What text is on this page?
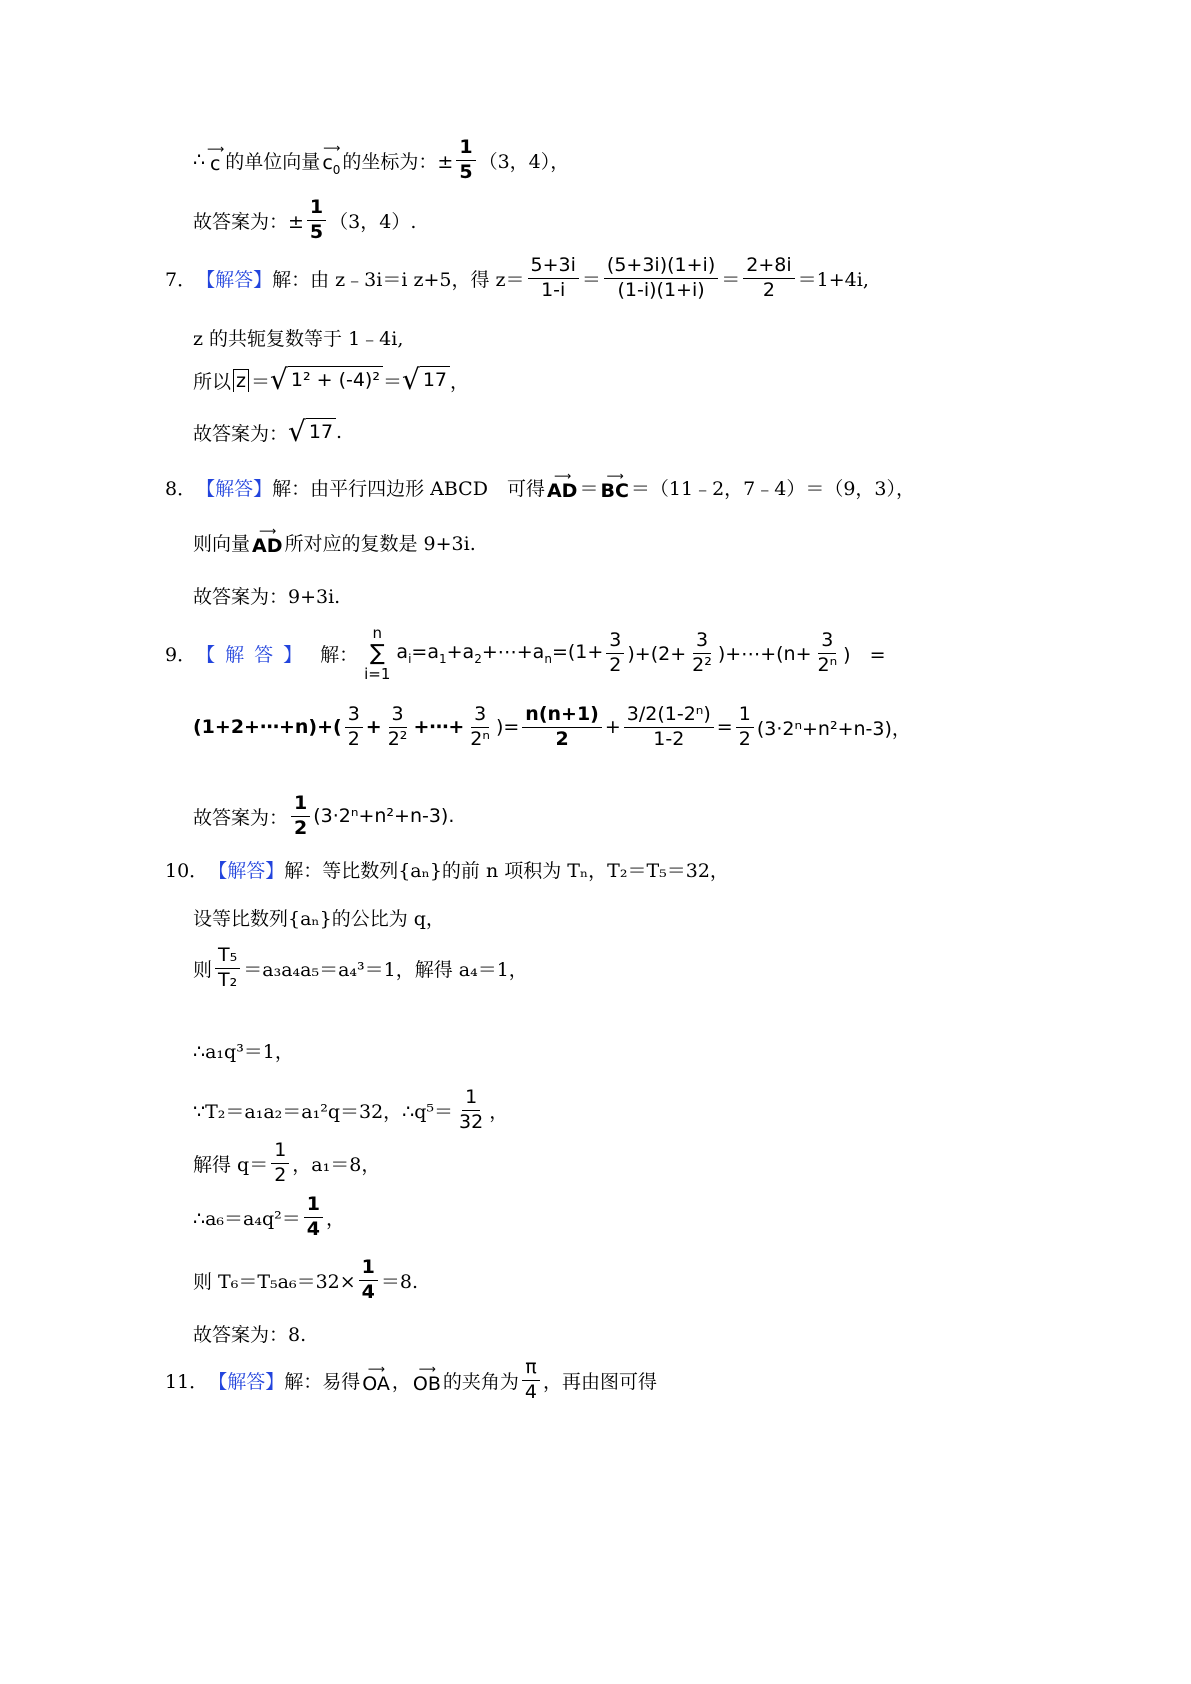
∴ ⟶
c 的单位向量
⟶
$c_0$ 的坐标为：± $\frac{1}{5} (3$，4），
故答案为：± $\frac{1}{5} (3$，4）.
7． 【解答】 解：由 z﹣3i＝i z+5，得 $z= \frac{5+3i}{1-i} = \frac{(5+3i)(1+i)}{(1-i)(1+i)} = \frac{2+8i}{2} =1+4i$,
z 的共轭复数等于 1﹣4i,
所以 z ＝ √ 1² + (-4)² ＝ √ 17 ，
故答案为： √ 17 .
8． 【解答】 解：由平行四边形 ABCD　可得
⟶
AD ＝
⟶
BC ＝（11﹣2，7﹣4）＝（9，3），
则向量
⟶
AD 所对应的复数是 9+3i.
故答案为：9+3i.
9． 【解答】 解：
n
∑
i=1
$a_i=a_1+a_2+\cdots+a_n=(1+ \frac{3}{2} )+(2+ \frac{3}{\text{2²}}$ )+⋯+(n+ $\frac{3}{\text{2ⁿ}}$ )　=
(1+2+⋯+n)+( $\frac{3}{2} + \frac{3}{\text{2²}}$ +⋯+ $\frac{3}{\text{2ⁿ}}$ )= $\frac{n(n+1)}{2} + \frac{\text{3/2(1-2ⁿ)}}{1-2} = \frac{1}{2} (3\cdot 2^n+n^2+n-3)$，
故答案为： $\frac{1}{2} (3\cdot 2^n+n^2+n-3)$.
10． 【解答】 解：等比数列{aₙ}的前 n 项积为 Tₙ，T₂＝T₅＝32，
设等比数列{aₙ}的公比为 q，
则 $\frac{\text{T₅}}{\text{T₂}} =a_3a_4a_5=a_4^3=1$，解得 a₄＝1，
∴a₁q³＝1，
∵T₂＝a₁a₂＝a₁²q＝32，∴q⁵＝ $\frac{1}{32}$ ，
解得 $q= \frac{1}{2}$ ，a₁＝8，
∴a₆＝a₄q²＝ $\frac{1}{4}$ ，
则 $T_6=T_5a_6=32\times \frac{1}{4} =8$.
故答案为：8.
11． 【解答】 解：易得
⟶
OA ，
⟶
OB 的夹角为 $\frac{\pi}{4}$ ，再由图可得
